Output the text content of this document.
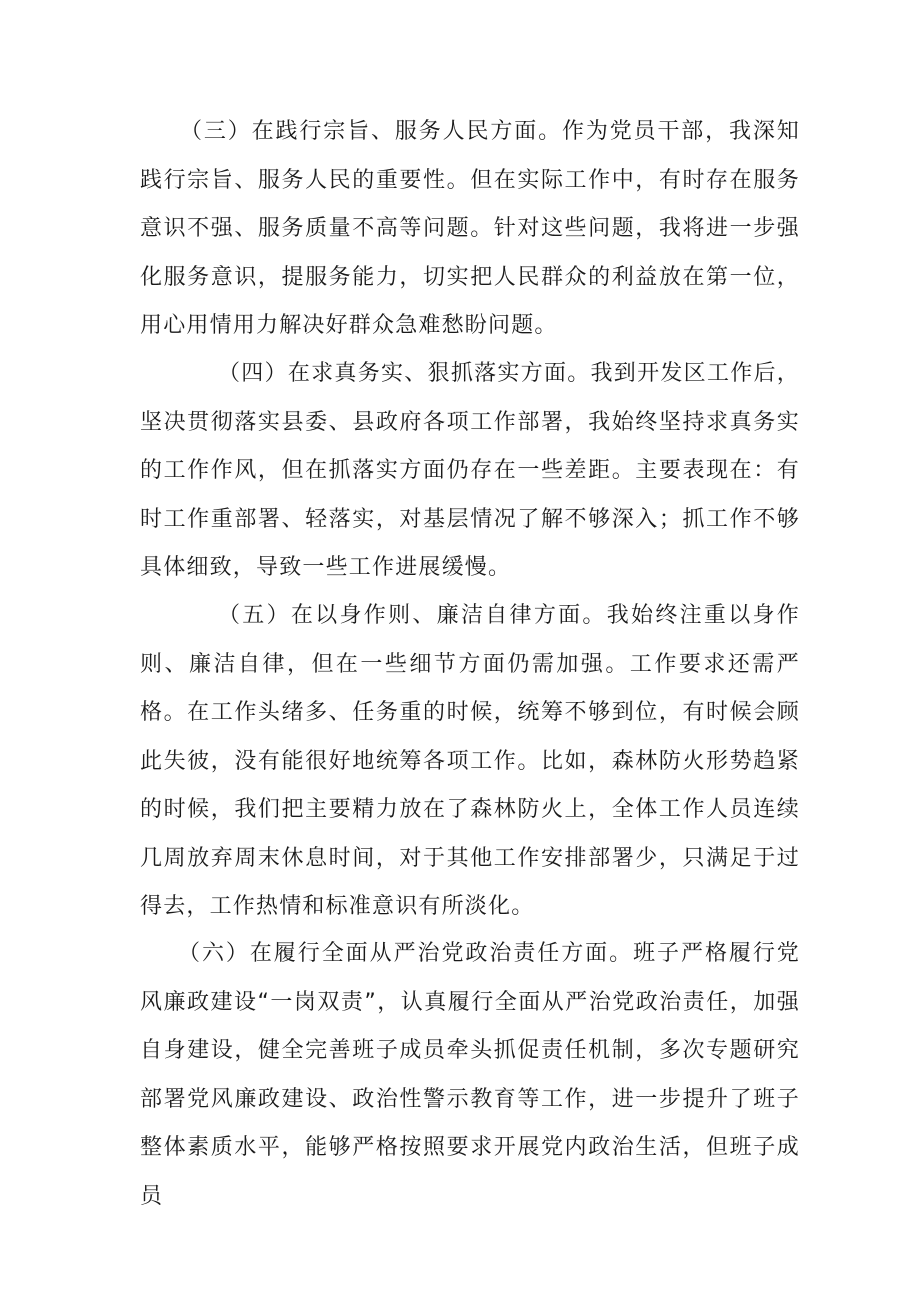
（三）在践行宗旨、服务人民方面。作为党员干部，我深知践行宗旨、服务人民的重要性。但在实际工作中，有时存在服务意识不强、服务质量不高等问题。针对这些问题，我将进一步强化服务意识，提服务能力，切实把人民群众的利益放在第一位，用心用情用力解决好群众急难愁盼问题。

（四）在求真务实、狠抓落实方面。我到开发区工作后，坚决贯彻落实县委、县政府各项工作部署，我始终坚持求真务实的工作作风，但在抓落实方面仍存在一些差距。主要表现在：有时工作重部署、轻落实，对基层情况了解不够深入；抓工作不够具体细致，导致一些工作进展缓慢。

（五）在以身作则、廉洁自律方面。我始终注重以身作则、廉洁自律，但在一些细节方面仍需加强。工作要求还需严格。在工作头绪多、任务重的时候，统筹不够到位，有时候会顾此失彼，没有能很好地统筹各项工作。比如，森林防火形势趋紧的时候，我们把主要精力放在了森林防火上，全体工作人员连续几周放弃周末休息时间，对于其他工作安排部署少，只满足于过得去，工作热情和标准意识有所淡化。

（六）在履行全面从严治党政治责任方面。班子严格履行党风廉政建设“一岗双责”，认真履行全面从严治党政治责任，加强自身建设，健全完善班子成员牵头抓促责任机制，多次专题研究部署党风廉政建设、政治性警示教育等工作，进一步提升了班子整体素质水平，能够严格按照要求开展党内政治生活，但班子成员
